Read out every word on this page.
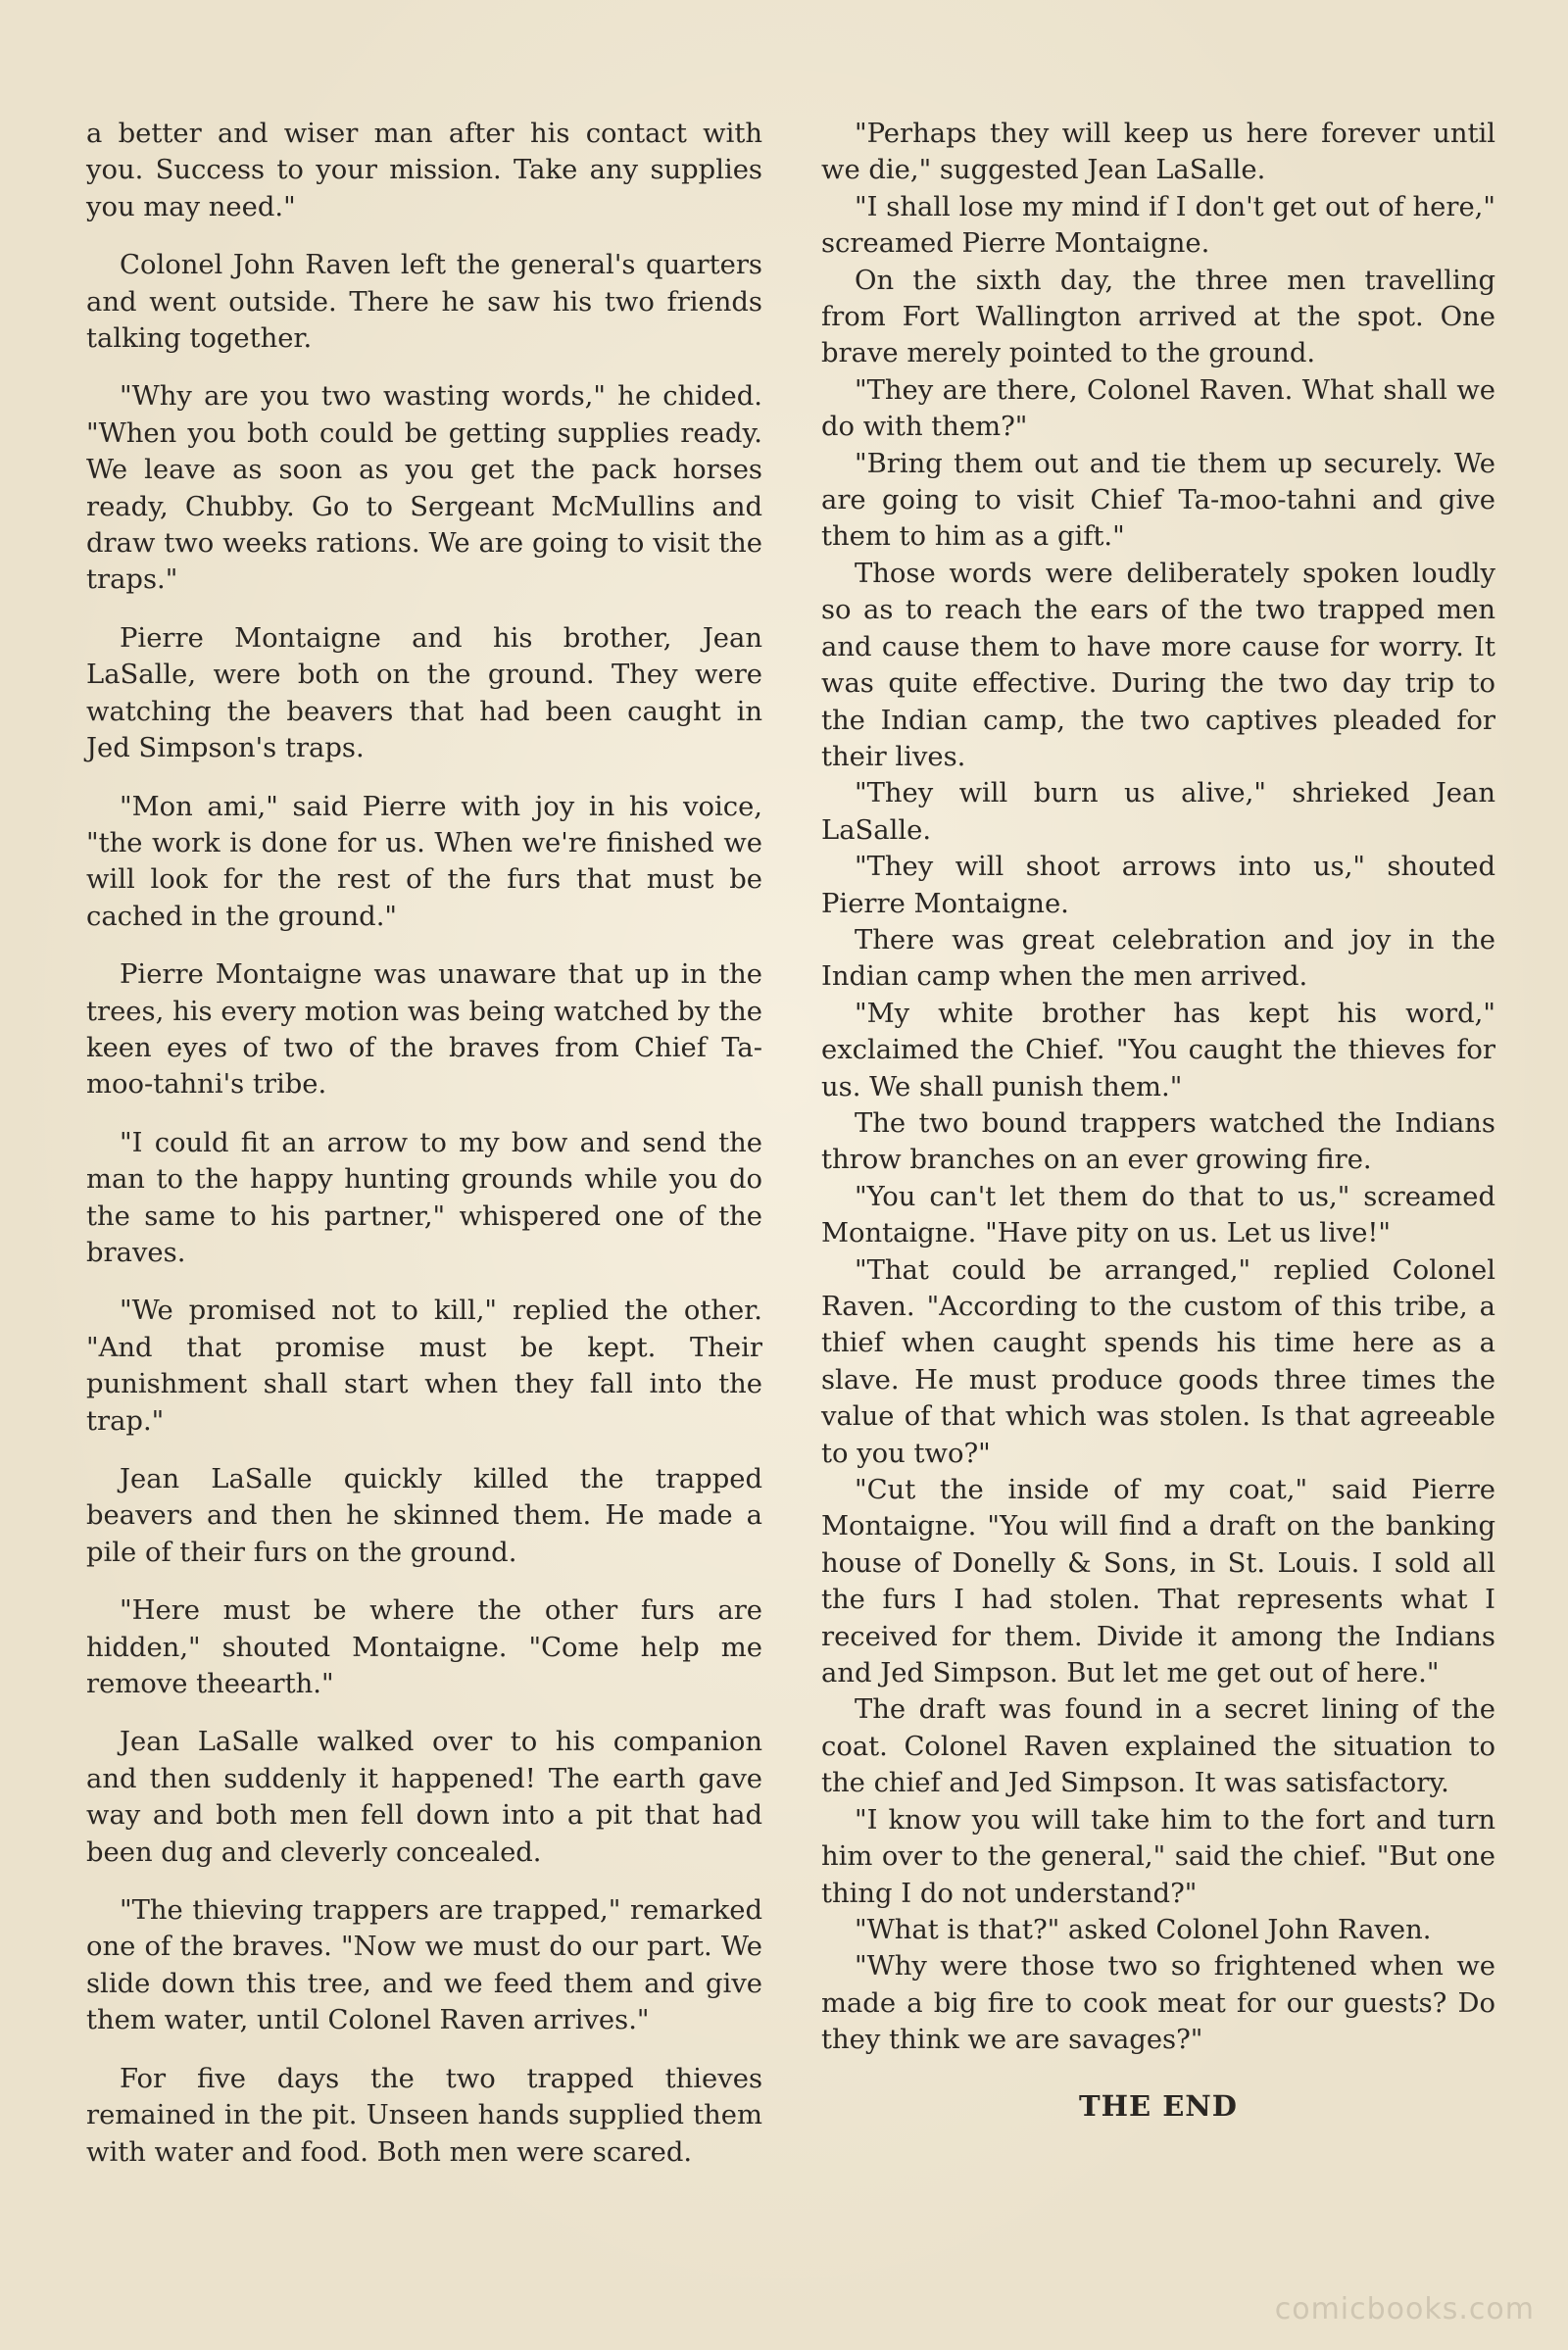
a better and wiser man after his contact with you. Success to your mission. Take any supplies you may need."

Colonel John Raven left the general's quarters and went outside. There he saw his two friends talking together.

"Why are you two wasting words," he chided. "When you both could be getting supplies ready. We leave as soon as you get the pack horses ready, Chubby. Go to Sergeant McMullins and draw two weeks rations. We are going to visit the traps."

Pierre Montaigne and his brother, Jean LaSalle, were both on the ground. They were watching the beavers that had been caught in Jed Simpson's traps.

"Mon ami," said Pierre with joy in his voice, "the work is done for us. When we're finished we will look for the rest of the furs that must be cached in the ground."

Pierre Montaigne was unaware that up in the trees, his every motion was being watched by the keen eyes of two of the braves from Chief Ta-moo-tahni's tribe.

"I could fit an arrow to my bow and send the man to the happy hunting grounds while you do the same to his partner," whispered one of the braves.

"We promised not to kill," replied the other. "And that promise must be kept. Their punishment shall start when they fall into the trap."

Jean LaSalle quickly killed the trapped beavers and then he skinned them. He made a pile of their furs on the ground.

"Here must be where the other furs are hidden," shouted Montaigne. "Come help me remove theearth."

Jean LaSalle walked over to his companion and then suddenly it happened! The earth gave way and both men fell down into a pit that had been dug and cleverly concealed.

"The thieving trappers are trapped," remarked one of the braves. "Now we must do our part. We slide down this tree, and we feed them and give them water, until Colonel Raven arrives."

For five days the two trapped thieves remained in the pit. Unseen hands supplied them with water and food. Both men were scared.

"Perhaps they will keep us here forever until we die," suggested Jean LaSalle.

"I shall lose my mind if I don't get out of here," screamed Pierre Montaigne.

On the sixth day, the three men travelling from Fort Wallington arrived at the spot. One brave merely pointed to the ground.

"They are there, Colonel Raven. What shall we do with them?"

"Bring them out and tie them up securely. We are going to visit Chief Ta-moo-tahni and give them to him as a gift."

Those words were deliberately spoken loudly so as to reach the ears of the two trapped men and cause them to have more cause for worry. It was quite effective. During the two day trip to the Indian camp, the two captives pleaded for their lives.

"They will burn us alive," shrieked Jean LaSalle.

"They will shoot arrows into us," shouted Pierre Montaigne.

There was great celebration and joy in the Indian camp when the men arrived.

"My white brother has kept his word," exclaimed the Chief. "You caught the thieves for us. We shall punish them."

The two bound trappers watched the Indians throw branches on an ever growing fire.

"You can't let them do that to us," screamed Montaigne. "Have pity on us. Let us live!"

"That could be arranged," replied Colonel Raven. "According to the custom of this tribe, a thief when caught spends his time here as a slave. He must produce goods three times the value of that which was stolen. Is that agreeable to you two?"

"Cut the inside of my coat," said Pierre Montaigne. "You will find a draft on the banking house of Donelly & Sons, in St. Louis. I sold all the furs I had stolen. That represents what I received for them. Divide it among the Indians and Jed Simpson. But let me get out of here."

The draft was found in a secret lining of the coat. Colonel Raven explained the situation to the chief and Jed Simpson. It was satisfactory.

"I know you will take him to the fort and turn him over to the general," said the chief. "But one thing I do not understand?"

"What is that?" asked Colonel John Raven.

"Why were those two so frightened when we made a big fire to cook meat for our guests? Do they think we are savages?"

THE END
comicbooks.com
